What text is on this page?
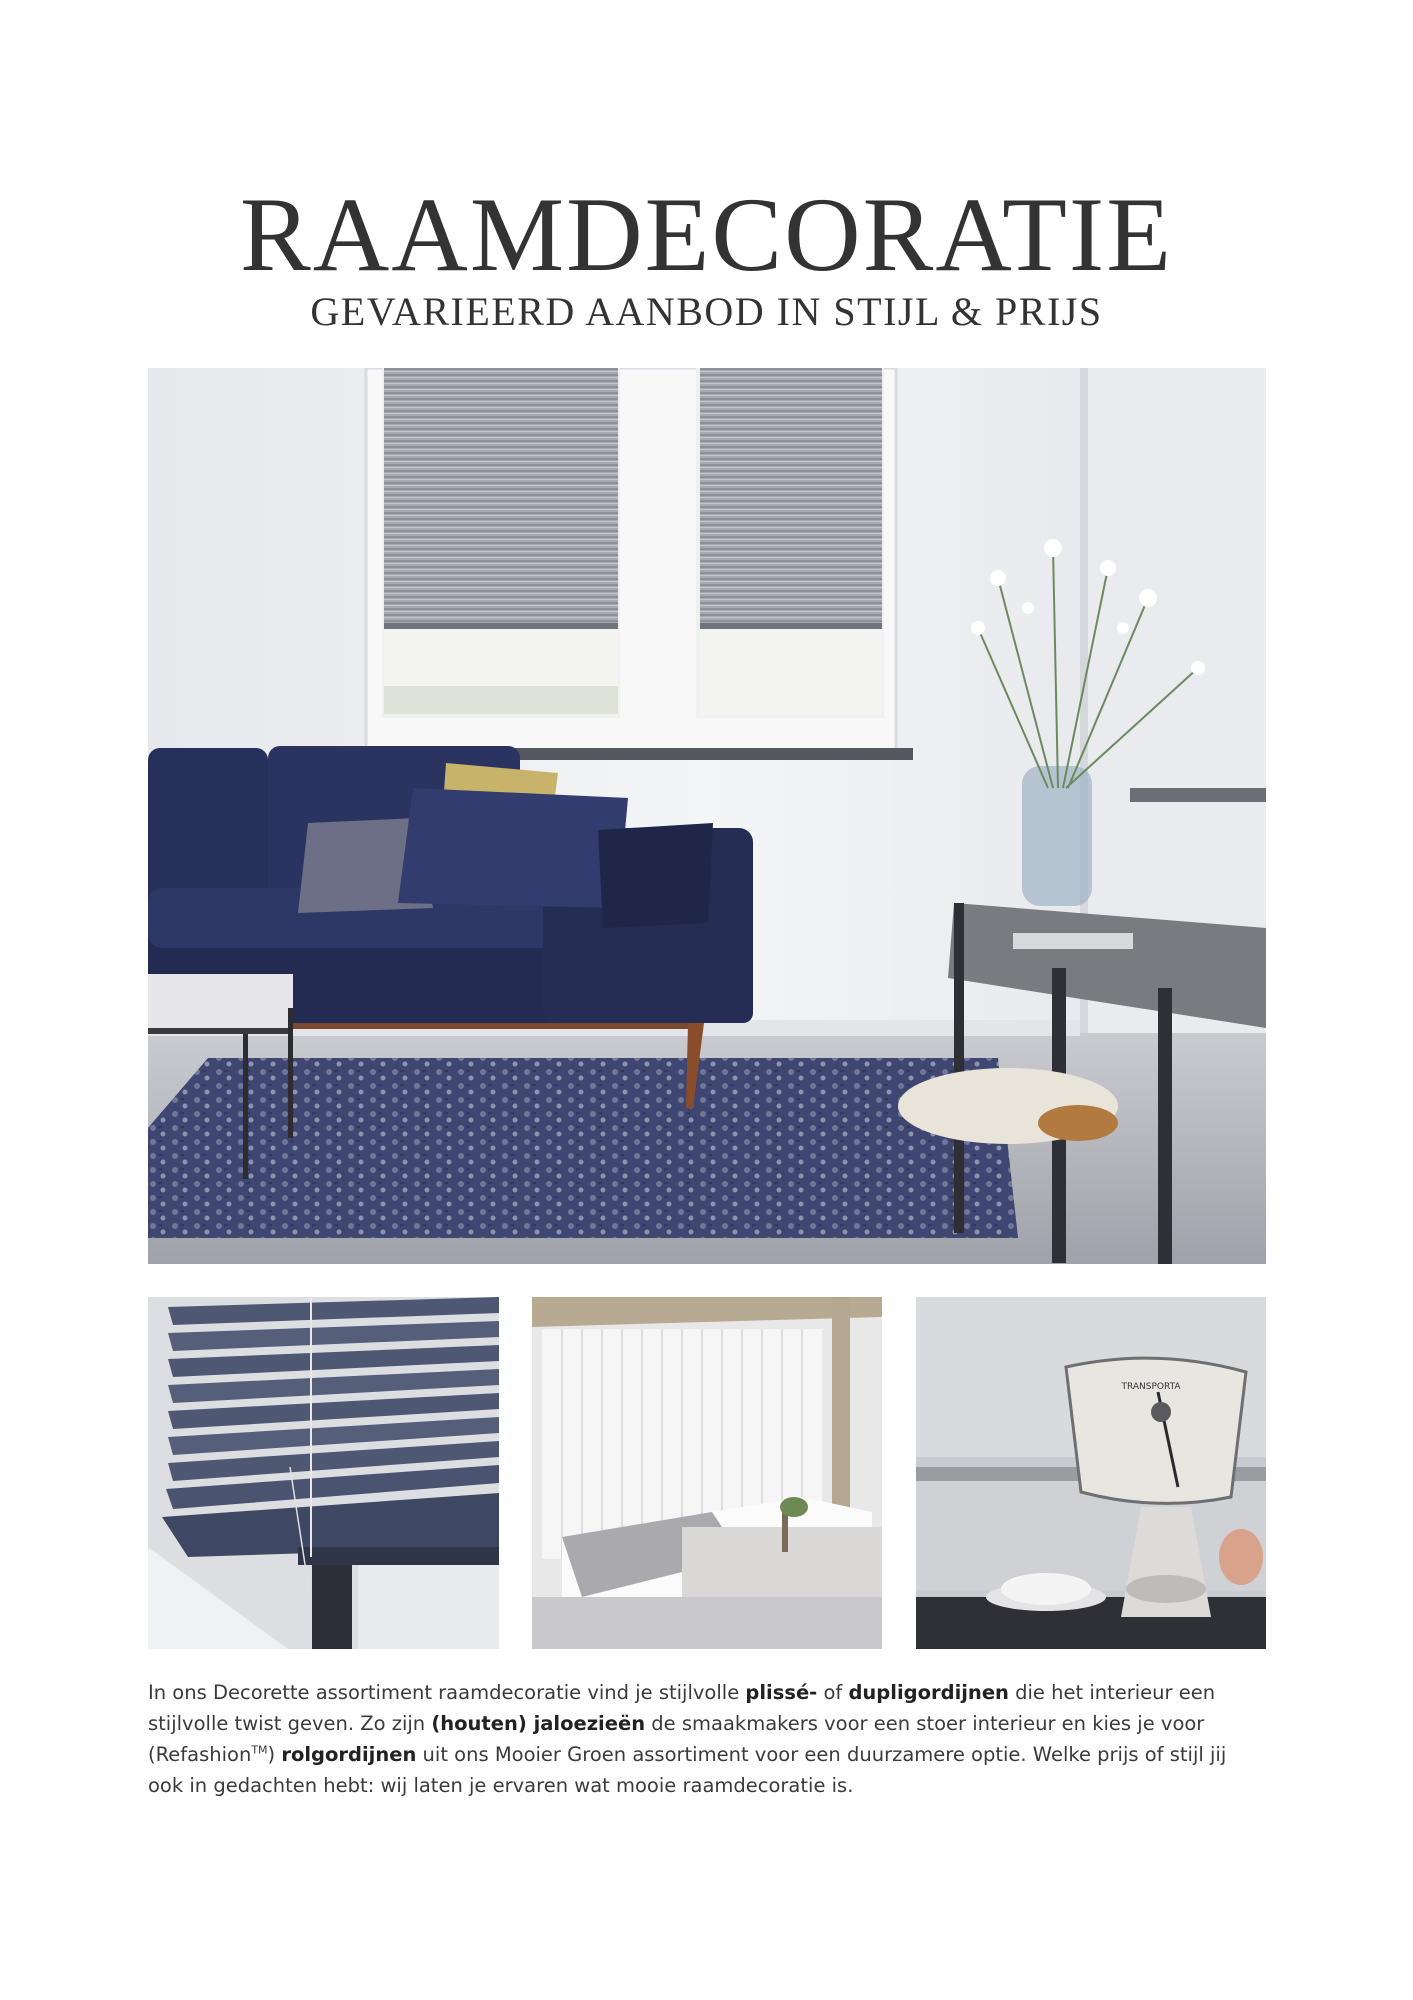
RAAMDECORATIE
GEVARIEERD AANBOD IN STIJL & PRIJS
TRANSPORTA

In ons Decorette assortiment raamdecoratie vind je stijlvolle plissé- of dupligordijnen die het interieur een stijlvolle twist geven. Zo zijn (houten) jaloezieën de smaakmakers voor een stoer interieur en kies je voor (Refashion™) rolgordijnen uit ons Mooier Groen assortiment voor een duurzamere optie. Welke prijs of stijl jij ook in gedachten hebt: wij laten je ervaren wat mooie raamdecoratie is.
